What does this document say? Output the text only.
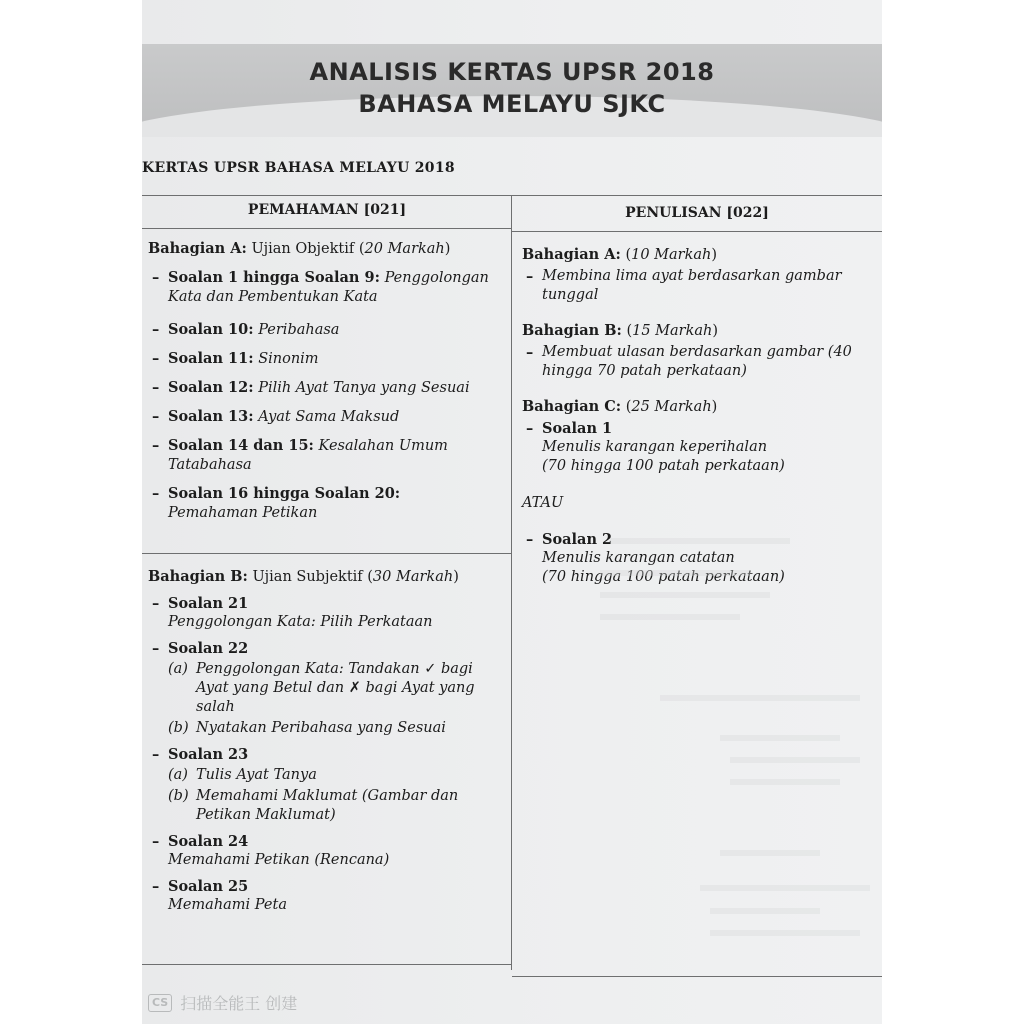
ANALISIS KERTAS UPSR 2018
BAHASA MELAYU SJKC
KERTAS UPSR BAHASA MELAYU 2018
PEMAHAMAN [021]	PENULISAN [022]
Bahagian A: Ujian Objektif (20 Markah)
– Soalan 1 hingga Soalan 9: Penggolongan Kata dan Pembentukan Kata
– Soalan 10: Peribahasa
– Soalan 11: Sinonim
– Soalan 12: Pilih Ayat Tanya yang Sesuai
– Soalan 13: Ayat Sama Maksud
– Soalan 14 dan 15: Kesalahan Umum Tatabahasa
– Soalan 16 hingga Soalan 20:
Pemahaman Petikan
Bahagian B: Ujian Subjektif (30 Markah)
– Soalan 21
Penggolongan Kata: Pilih Perkataan
– Soalan 22
(a) Penggolongan Kata: Tandakan ✓ bagi Ayat yang Betul dan ✗ bagi Ayat yang salah
(b) Nyatakan Peribahasa yang Sesuai
– Soalan 23
(a) Tulis Ayat Tanya
(b) Memahami Maklumat (Gambar dan Petikan Maklumat)
– Soalan 24
Memahami Petikan (Rencana)
– Soalan 25
Memahami Peta
Bahagian A: (10 Markah)
– Membina lima ayat berdasarkan gambar tunggal
Bahagian B: (15 Markah)
– Membuat ulasan berdasarkan gambar (40 hingga 70 patah perkataan)
Bahagian C: (25 Markah)
– Soalan 1
Menulis karangan keperihalan
(70 hingga 100 patah perkataan)
ATAU
– Soalan 2
Menulis karangan catatan
(70 hingga 100 patah perkataan)
CS 扫描全能王 创建
